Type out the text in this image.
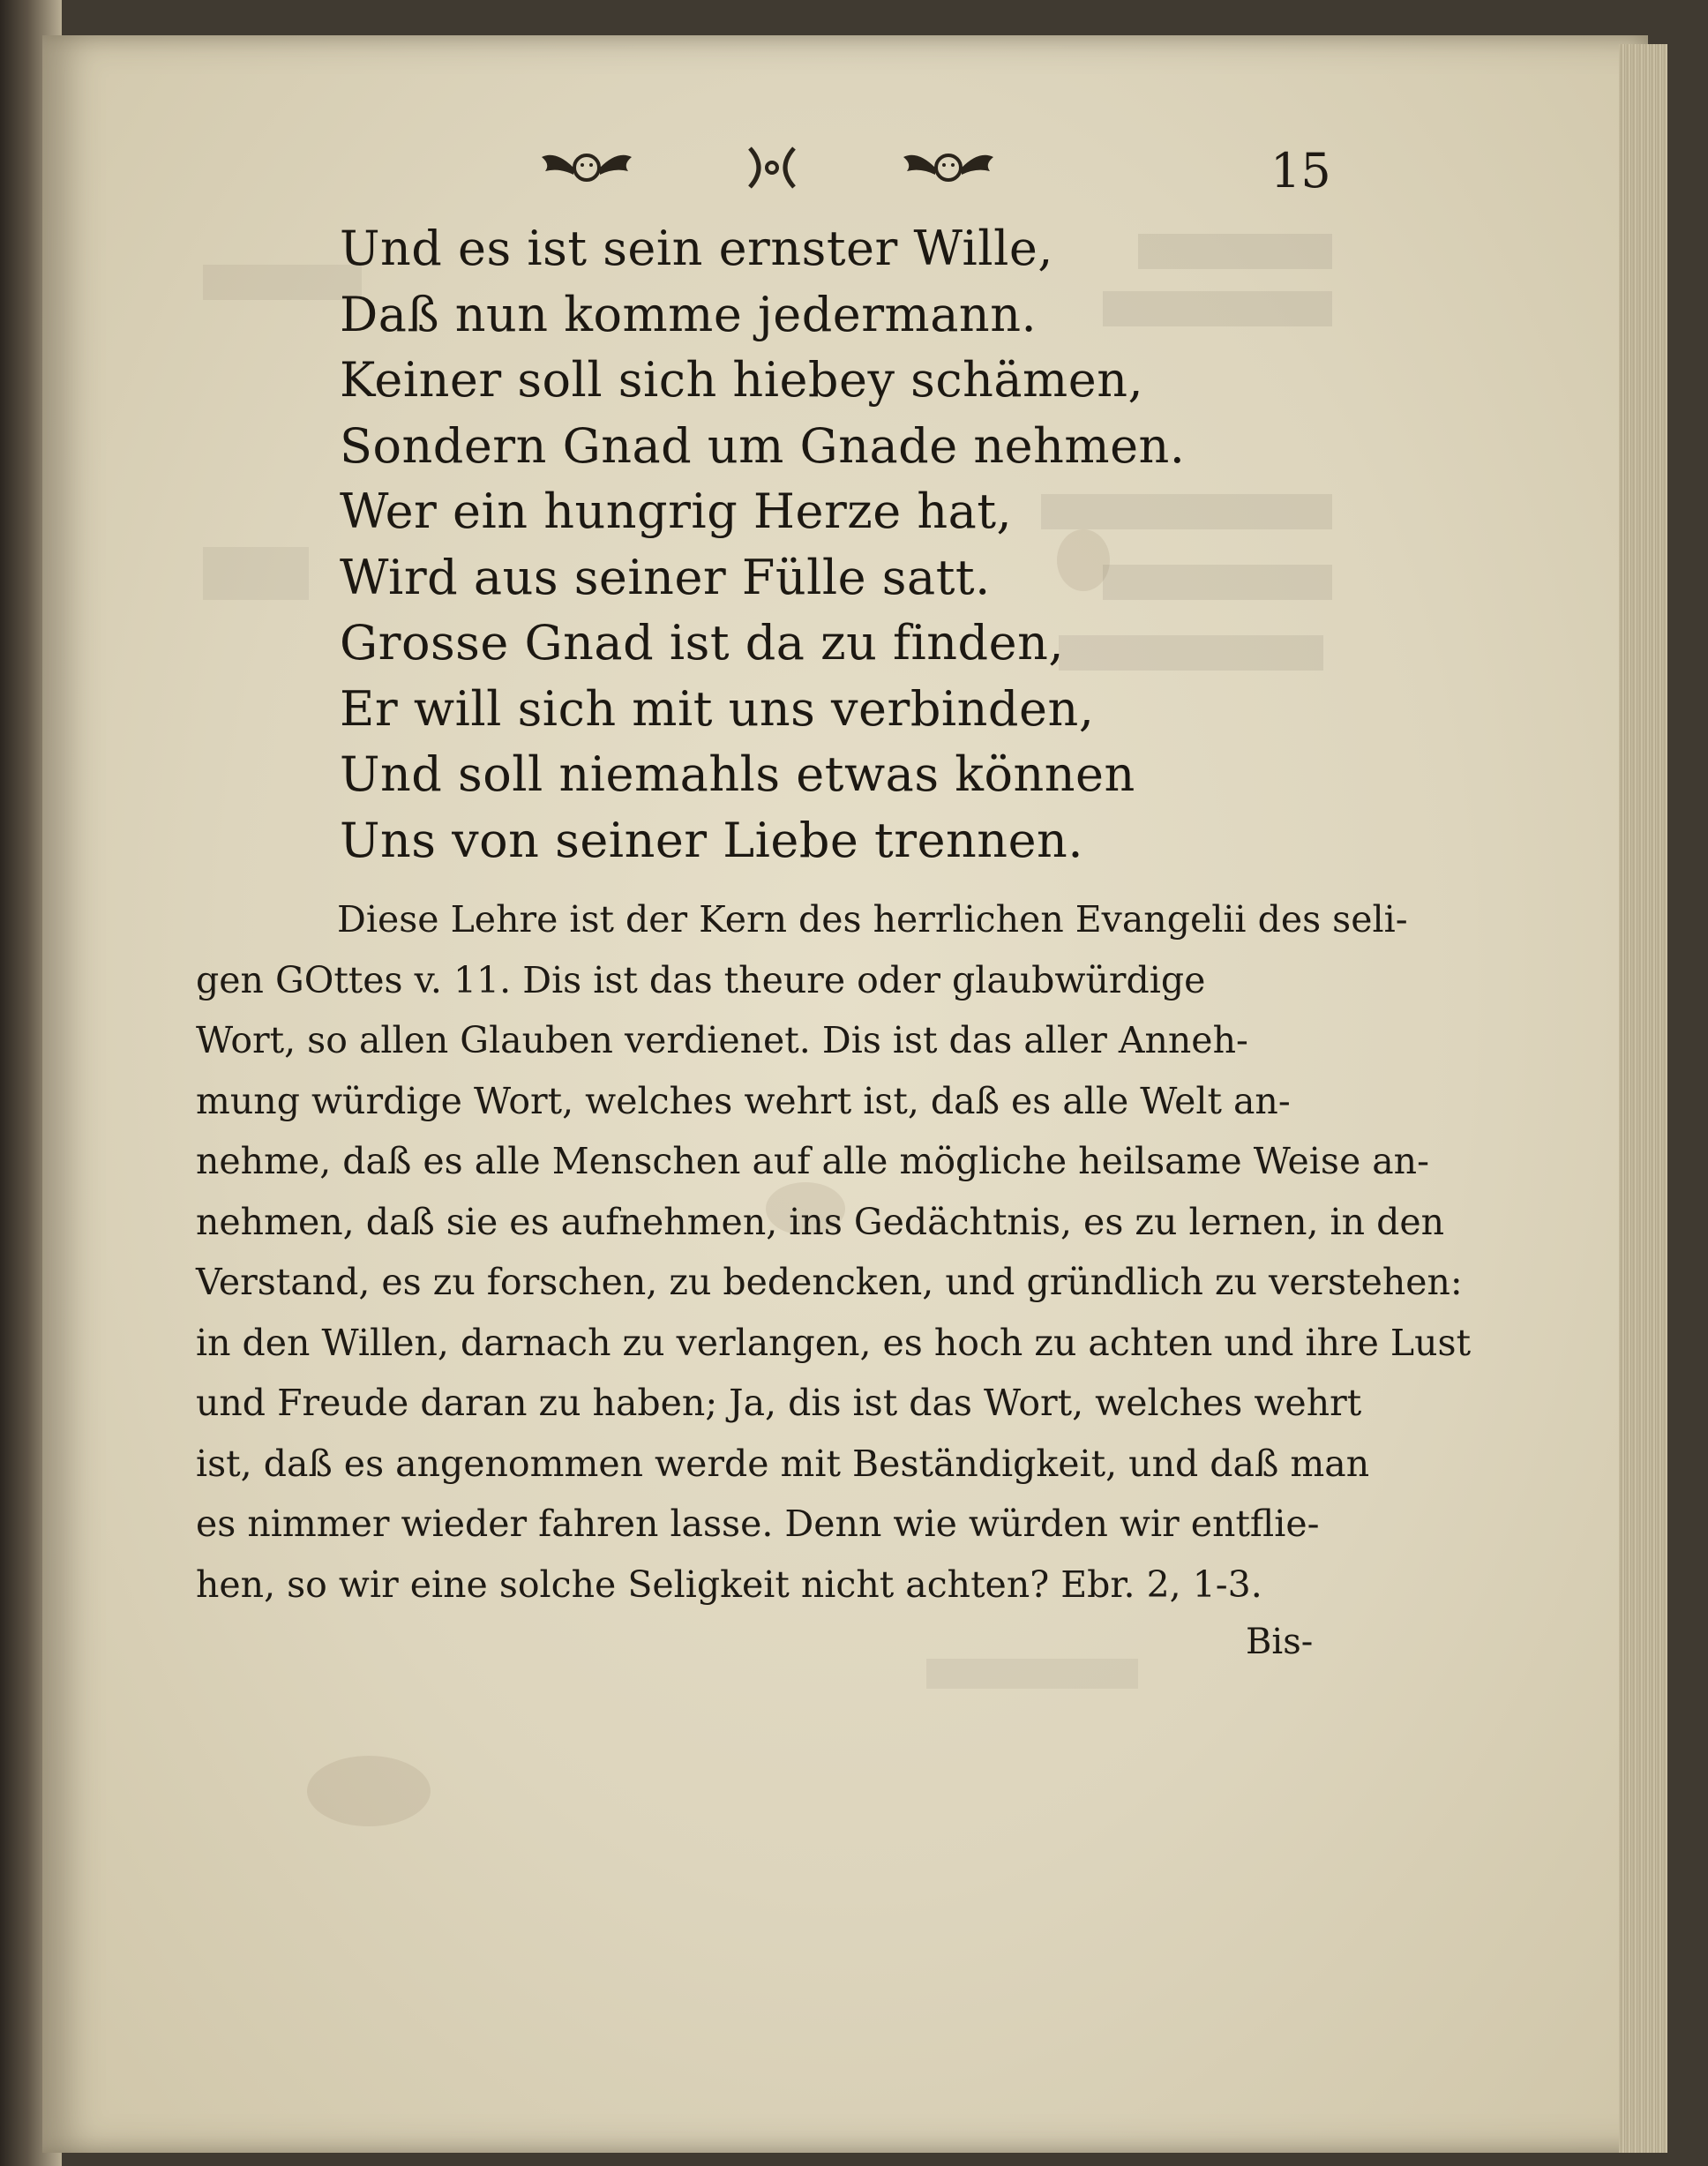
15
Und es ist sein ernster Wille,
Daß nun komme jedermann.
Keiner soll sich hiebey schämen,
Sondern Gnad um Gnade nehmen.
Wer ein hungrig Herze hat,
Wird aus seiner Fülle satt.
Grosse Gnad ist da zu finden,
Er will sich mit uns verbinden,
Und soll niemahls etwas können
Uns von seiner Liebe trennen.
Diese Lehre ist der Kern des herrlichen Evangelii des seli-
gen GOttes v. 11. Dis ist das theure oder glaubwürdige
Wort, so allen Glauben verdienet. Dis ist das aller Anneh-
mung würdige Wort, welches wehrt ist, daß es alle Welt an-
nehme, daß es alle Menschen auf alle mögliche heilsame Weise an-
nehmen, daß sie es aufnehmen, ins Gedächtnis, es zu lernen, in den
Verstand, es zu forschen, zu bedencken, und gründlich zu verstehen:
in den Willen, darnach zu verlangen, es hoch zu achten und ihre Lust
und Freude daran zu haben; Ja, dis ist das Wort, welches wehrt
ist, daß es angenommen werde mit Beständigkeit, und daß man
es nimmer wieder fahren lasse. Denn wie würden wir entflie-
hen, so wir eine solche Seligkeit nicht achten? Ebr. 2, 1-3.
Bis-
